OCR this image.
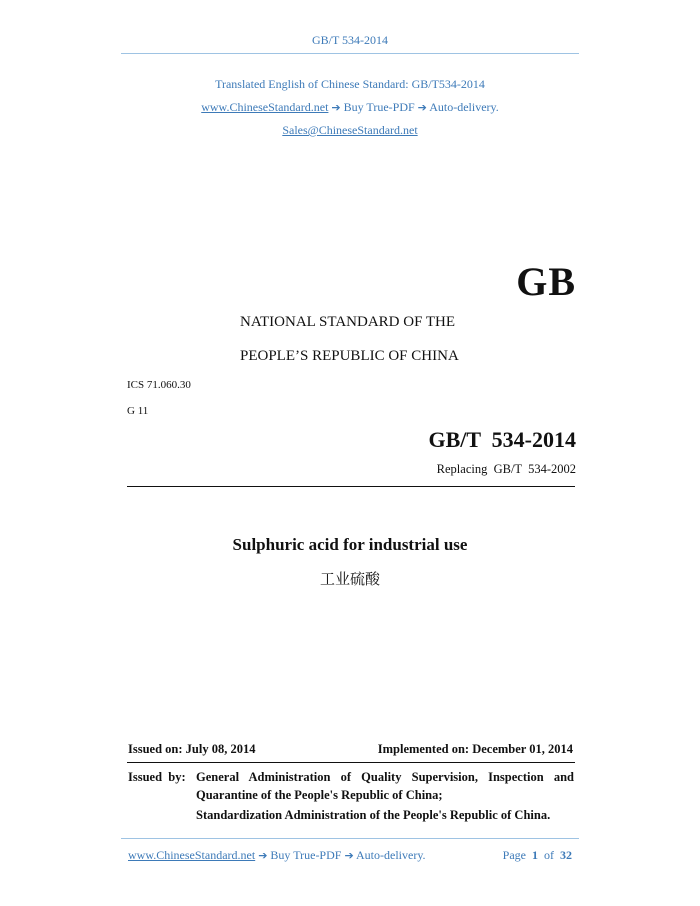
GB/T 534-2014
Translated English of Chinese Standard: GB/T534-2014
www.ChineseStandard.net ➔ Buy True-PDF ➔ Auto-delivery.
Sales@ChineseStandard.net
GB
NATIONAL STANDARD OF THE
PEOPLE’S REPUBLIC OF CHINA
ICS 71.060.30
G 11
GB/T  534-2014
Replacing  GB/T  534-2002
Sulphuric acid for industrial use
工业硫酸
Issued on: July 08, 2014	Implemented on: December 01, 2014
Issued  by: General  Administration  of  Quality  Supervision,  Inspection  and
Quarantine of the People's Republic of China;
Standardization Administration of the People's Republic of China.
www.ChineseStandard.net ➔ Buy True-PDF ➔ Auto-delivery.	Page 1 of 32
